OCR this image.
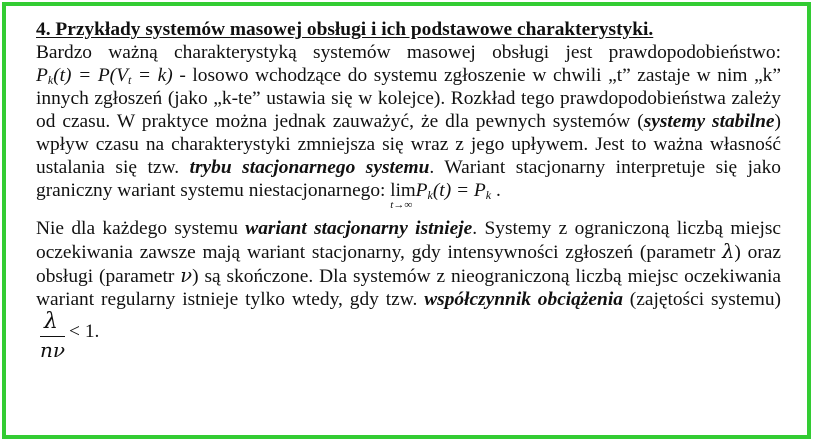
4. Przykłady systemów masowej obsługi i ich podstawowe charakterystyki.

Bardzo ważną charakterystyką systemów masowej obsługi jest prawdopodobieństwo: $P_k(t) = P(V_t = k)$ - losowo wchodzące do systemu zgłoszenie w chwili „t” zastaje w nim „k” innych zgłoszeń (jako „k-te” ustawia się w kolejce). Rozkład tego prawdopodobieństwa zależy od czasu. W praktyce można jednak zauważyć, że dla pewnych systemów (systemy stabilne) wpływ czasu na charakterystyki zmniejsza się wraz z jego upływem. Jest to ważna własność ustalania się tzw. trybu stacjonarnego systemu. Wariant stacjonarny interpretuje się jako graniczny wariant systemu niestacjonarnego: lim
t→∞
$P_k(t) = P_k$ .

Nie dla każdego systemu wariant stacjonarny istnieje. Systemy z ograniczoną liczbą miejsc oczekiwania zawsze mają wariant stacjonarny, gdy intensywności zgłoszeń (parametr λ) oraz obsługi (parametr ν) są skończone. Dla systemów z nieograniczoną liczbą miejsc oczekiwania wariant regularny istnieje tylko wtedy, gdy tzw. współczynnik obciążenia (zajętości systemu)
$\frac{\lambda}{n\nu} < 1$.
